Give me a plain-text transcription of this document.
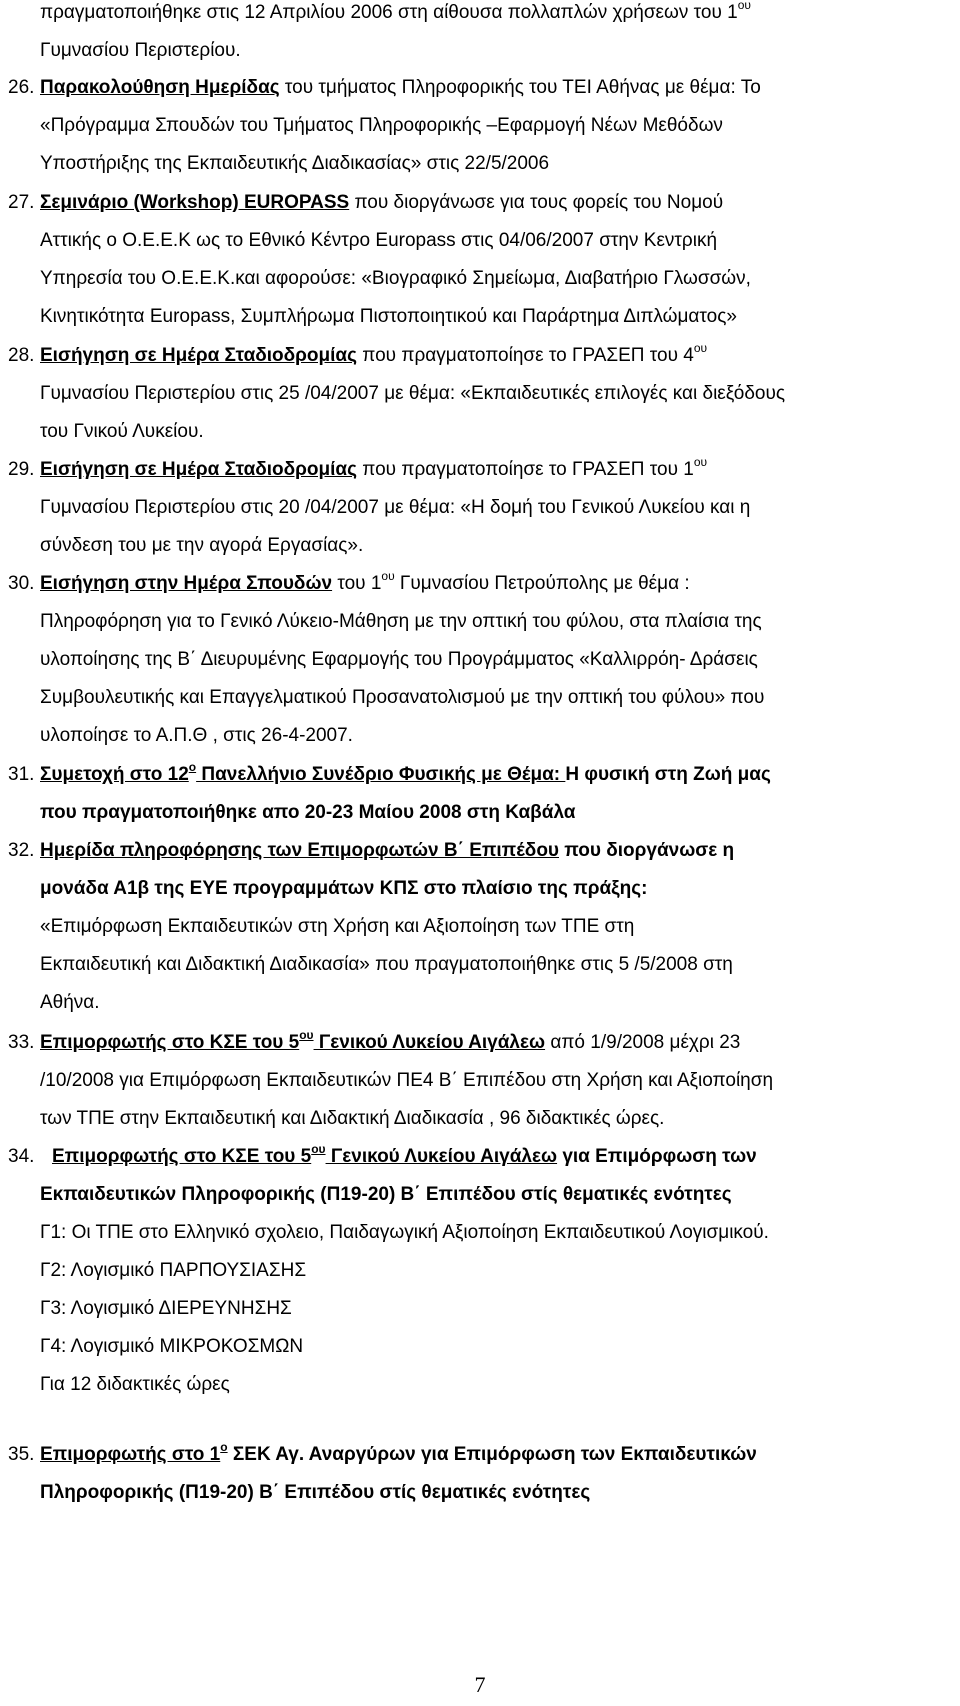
πραγματοποιήθηκε στις 12 Απριλίου 2006 στη αίθουσα πολλαπλών χρήσεων του $1^{o\upsilon}$
Γυμνασίου Περιστερίου.
26. Παρακολούθηση Ημερίδας του τμήματος Πληροφορικής του ΤΕΙ Αθήνας με θέμα: Το
«Πρόγραμμα Σπουδών του Τμήματος Πληροφορικής –Εφαρμογή Νέων Μεθόδων
Υποστήριξης της Εκπαιδευτικής Διαδικασίας» στις 22/5/2006
27. Σεμινάριο (Workshop) EUROPASS που διοργάνωσε για τους φορείς του Νομού
Αττικής ο Ο.Ε.Ε.Κ ως το Εθνικό Κέντρο Europass στις 04/06/2007 στην Κεντρική
Υπηρεσία του Ο.Ε.Ε.Κ.και αφορούσε: «Βιογραφικό Σημείωμα, Διαβατήριο Γλωσσών,
Κινητικότητα Europass, Συμπλήρωμα Πιστοποιητικού και Παράρτημα Διπλώματος»
28. Εισήγηση σε Ημέρα Σταδιοδρομίας που πραγματοποίησε το ΓΡΑΣΕΠ του $4^{o\upsilon}$
Γυμνασίου Περιστερίου στις 25 /04/2007 με θέμα: «Εκπαιδευτικές επιλογές και διεξόδους
του Γνικού Λυκείου.
29. Εισήγηση σε Ημέρα Σταδιοδρομίας που πραγματοποίησε το ΓΡΑΣΕΠ του $1^{o\upsilon}$
Γυμνασίου Περιστερίου στις 20 /04/2007 με θέμα: «Η δομή του Γενικού Λυκείου και η
σύνδεση του με την αγορά Εργασίας».
30. Εισήγηση στην Ημέρα Σπουδών του $1^{o\upsilon}$ Γυμνασίου Πετρούπολης με θέμα :
Πληροφόρηση για το Γενικό Λύκειο-Μάθηση με την οπτική του φύλου, στα πλαίσια της
υλοποίησης της Β΄ Διευρυμένης Εφαρμογής του Προγράμματος «Καλλιρρόη- Δράσεις
Συμβουλευτικής και Επαγγελματικού Προσανατολισμού με την οπτική του φύλου» που
υλοποίησε το Α.Π.Θ , στις 26-4-2007.
31. Συμετοχή στο $12^o$ Πανελλήνιο Συνέδριο Φυσικής με Θέμα: Η φυσική στη Ζωή μας
που πραγματοποιήθηκε απο 20-23 Μαίου 2008 στη Καβάλα
32. Ημερίδα πληροφόρησης των Επιμορφωτών Β΄ Επιπέδου που διοργάνωσε η
μονάδα Α1β της ΕΥΕ προγραμμάτων ΚΠΣ στο πλαίσιο της πράξης:
«Επιμόρφωση Εκπαιδευτικών στη Χρήση και Αξιοποίηση των ΤΠΕ στη
Εκπαιδευτική και Διδακτική Διαδικασία» που πραγματοποιήθηκε στις 5 /5/2008 στη
Αθήνα.
33. Επιμορφωτής στο ΚΣΕ του $5^{o\upsilon}$ Γενικού Λυκείου Αιγάλεω από 1/9/2008 μέχρι 23
/10/2008 για Επιμόρφωση Εκπαιδευτικών ΠΕ4 Β΄ Επιπέδου στη Χρήση και Αξιοποίηση
των ΤΠΕ στην Εκπαιδευτική και Διδακτική Διαδικασία , 96 διδακτικές ώρες.
34. Επιμορφωτής στο ΚΣΕ του $5^{o\upsilon}$ Γενικού Λυκείου Αιγάλεω για Επιμόρφωση των
Εκπαιδευτικών Πληροφορικής (Π19-20) Β΄ Επιπέδου στίς θεματικές ενότητες
Γ1: Οι ΤΠΕ στο Ελληνικό σχολειο, Παιδαγωγική Αξιοποίηση Εκπαιδευτικού Λογισμικού.
Γ2: Λογισμικό ΠΑΡΠΟΥΣΙΑΣΗΣ
Γ3: Λογισμικό ΔΙΕΡΕΥΝΗΣΗΣ
Γ4: Λογισμικό ΜΙΚΡΟΚΟΣΜΩΝ
Για 12 διδακτικές ώρες
35. Επιμορφωτής στο $1^o$ ΣΕΚ Αγ. Αναργύρων για Επιμόρφωση των Εκπαιδευτικών
Πληροφορικής (Π19-20) Β΄ Επιπέδου στίς θεματικές ενότητες
7
